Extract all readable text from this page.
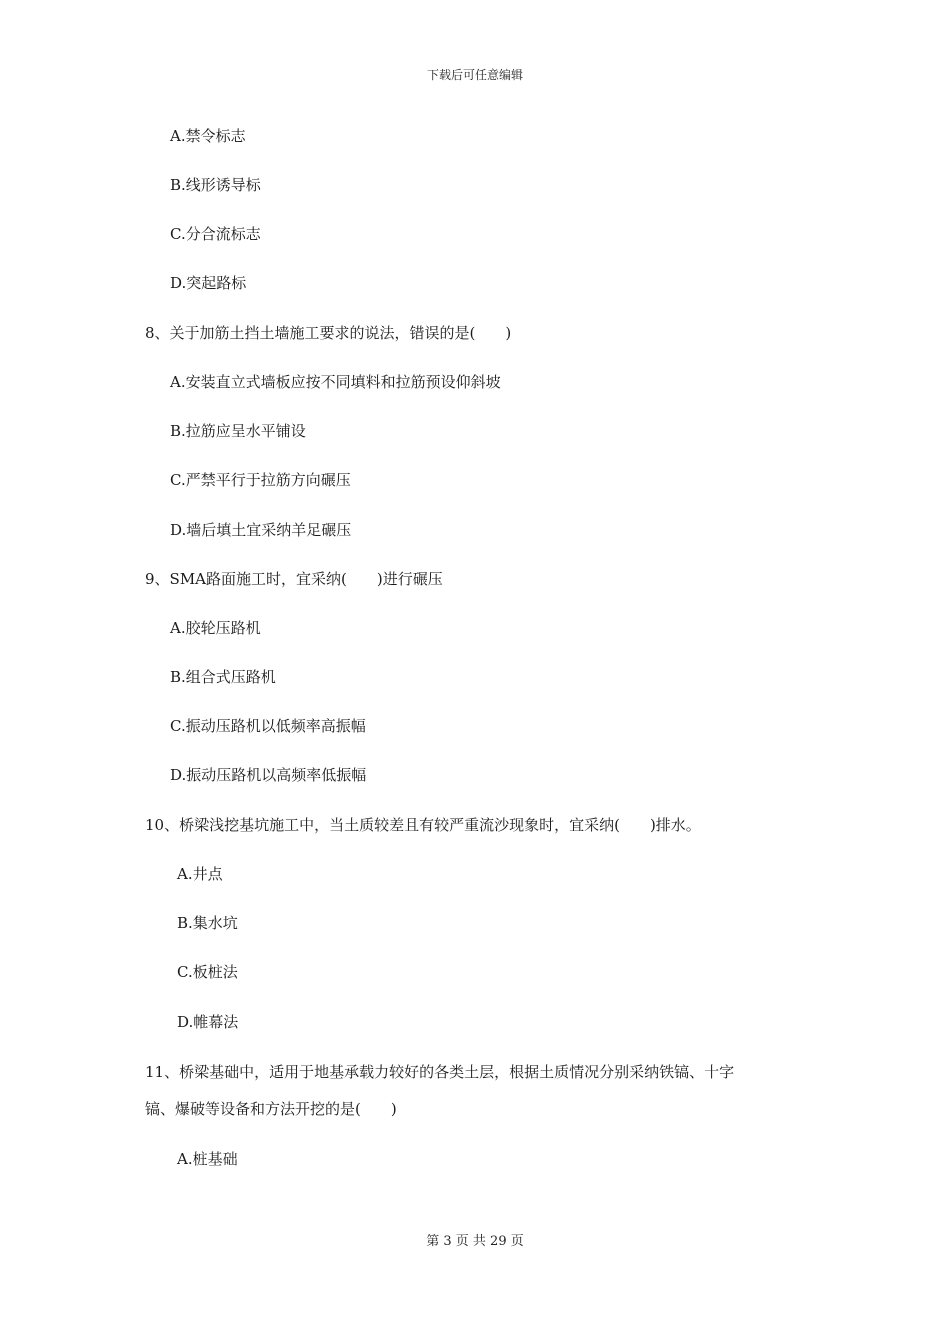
下载后可任意编辑
A.禁令标志
B.线形诱导标
C.分合流标志
D.突起路标
8、关于加筋土挡土墙施工要求的说法，错误的是(　　)
A.安装直立式墙板应按不同填料和拉筋预设仰斜坡
B.拉筋应呈水平铺设
C.严禁平行于拉筋方向碾压
D.墙后填土宜采纳羊足碾压
9、SMA路面施工时，宜采纳(　　)进行碾压
A.胶轮压路机
B.组合式压路机
C.振动压路机以低频率高振幅
D.振动压路机以高频率低振幅
10、桥梁浅挖基坑施工中，当土质较差且有较严重流沙现象时，宜采纳(　　)排水。
A.井点
B.集水坑
C.板桩法
D.帷幕法
11、桥梁基础中，适用于地基承载力较好的各类土层，根据土质情况分别采纳铁镐、十字
镐、爆破等设备和方法开挖的是(　　)
A.桩基础
第 3 页 共 29 页
